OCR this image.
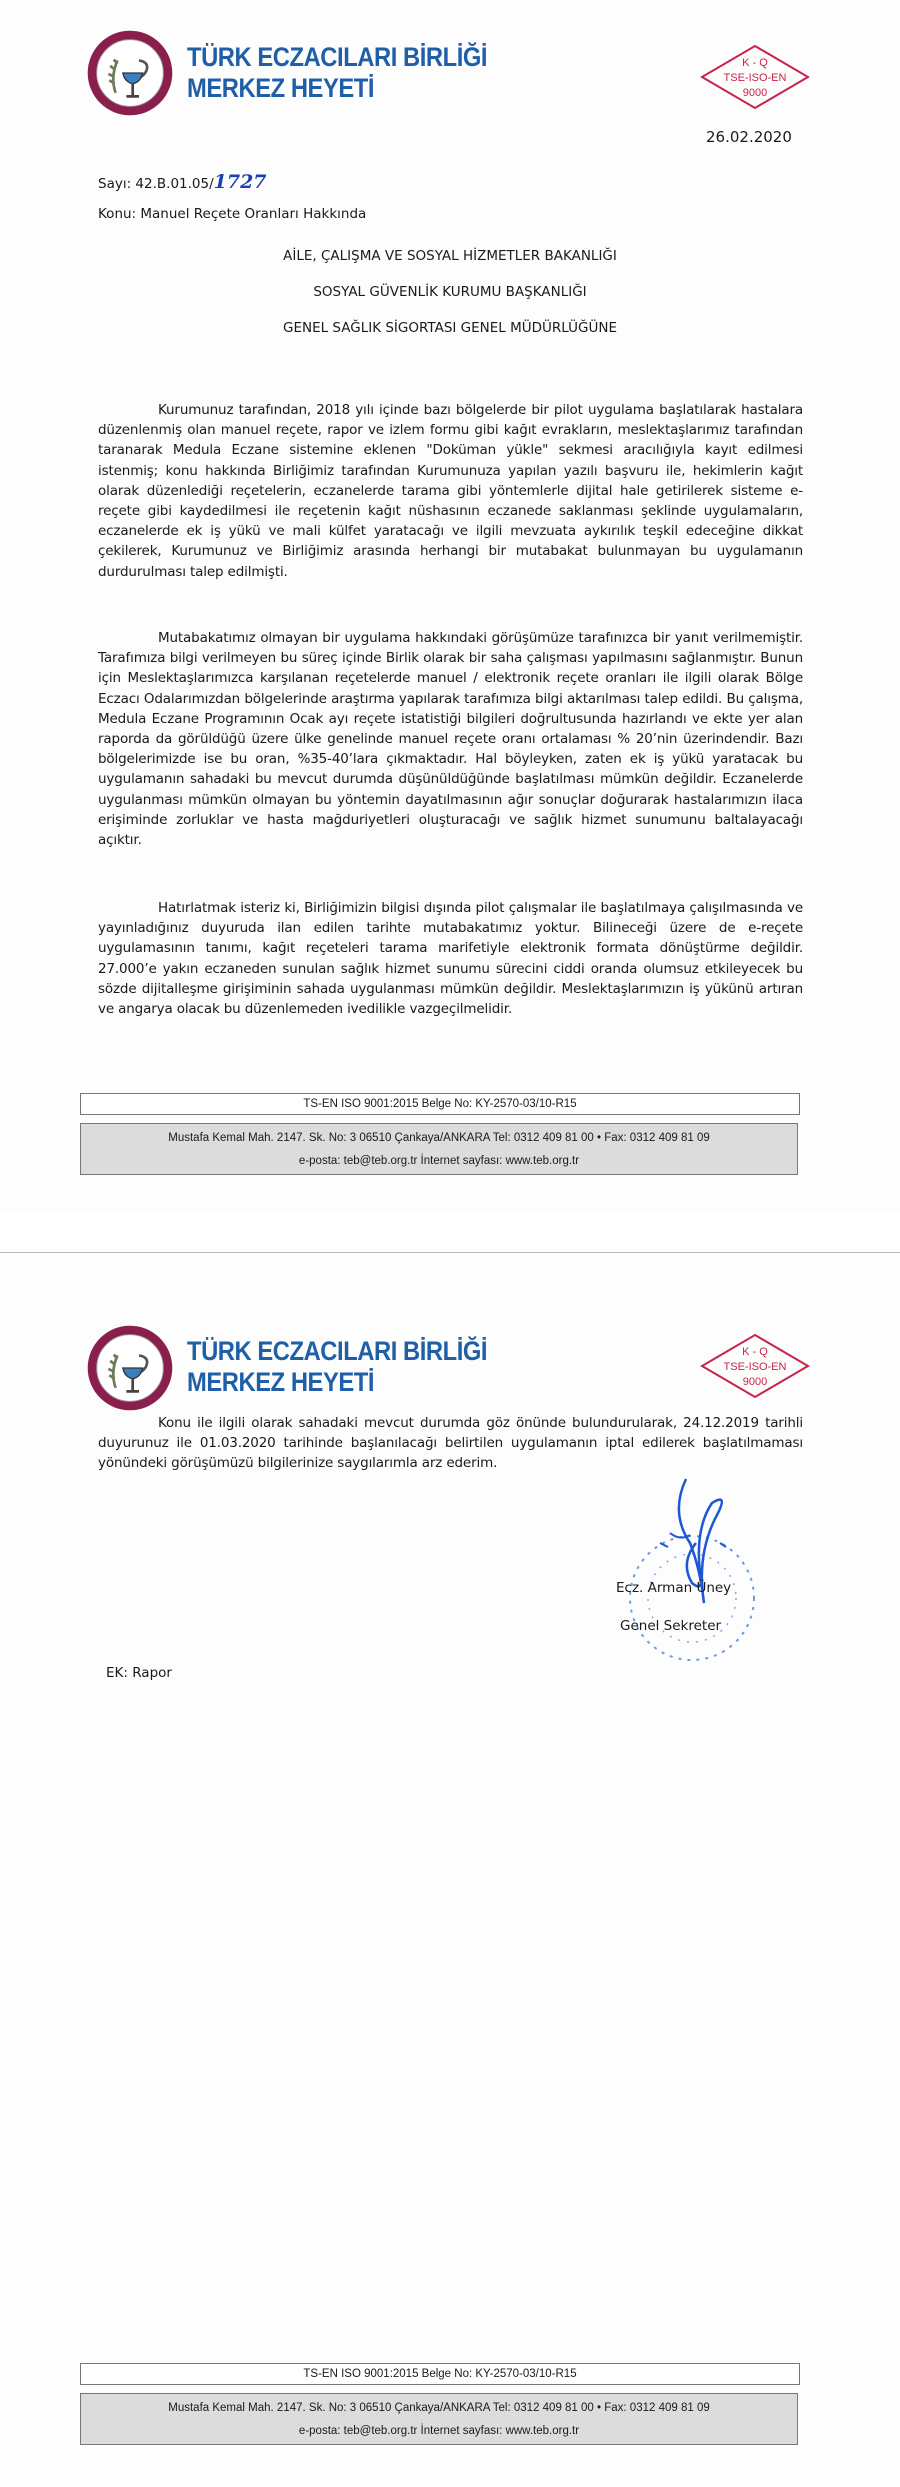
TÜRK ECZACILARI BİRLİĞİ
MERKEZ HEYETİ
K - Q
TSE-ISO-EN
9000
26.02.2020
Sayı: 42.B.01.05/1727
Konu: Manuel Reçete Oranları Hakkında
AİLE, ÇALIŞMA VE SOSYAL HİZMETLER BAKANLIĞI
SOSYAL GÜVENLİK KURUMU BAŞKANLIĞI
GENEL SAĞLIK SİGORTASI GENEL MÜDÜRLÜĞÜNE

Kurumunuz tarafından, 2018 yılı içinde bazı bölgelerde bir pilot uygulama başlatılarak hastalara düzenlenmiş olan manuel reçete, rapor ve izlem formu gibi kağıt evrakların, meslektaşlarımız tarafından taranarak Medula Eczane sistemine eklenen "Doküman yükle" sekmesi aracılığıyla kayıt edilmesi istenmiş; konu hakkında Birliğimiz tarafından Kurumunuza yapılan yazılı başvuru ile, hekimlerin kağıt olarak düzenlediği reçetelerin, eczanelerde tarama gibi yöntemlerle dijital hale getirilerek sisteme e-reçete gibi kaydedilmesi ile reçetenin kağıt nüshasının eczanede saklanması şeklinde uygulamaların, eczanelerde ek iş yükü ve mali külfet yaratacağı ve ilgili mevzuata aykırılık teşkil edeceğine dikkat çekilerek, Kurumunuz ve Birliğimiz arasında herhangi bir mutabakat bulunmayan bu uygulamanın durdurulması talep edilmişti.

Mutabakatımız olmayan bir uygulama hakkındaki görüşümüze tarafınızca bir yanıt verilmemiştir. Tarafımıza bilgi verilmeyen bu süreç içinde Birlik olarak bir saha çalışması yapılmasını sağlanmıştır. Bunun için Meslektaşlarımızca karşılanan reçetelerde manuel / elektronik reçete oranları ile ilgili olarak Bölge Eczacı Odalarımızdan bölgelerinde araştırma yapılarak tarafımıza bilgi aktarılması talep edildi. Bu çalışma, Medula Eczane Programının Ocak ayı reçete istatistiği bilgileri doğrultusunda hazırlandı ve ekte yer alan raporda da görüldüğü üzere ülke genelinde manuel reçete oranı ortalaması % 20’nin üzerindendir. Bazı bölgelerimizde ise bu oran, %35-40’lara çıkmaktadır. Hal böyleyken, zaten ek iş yükü yaratacak bu uygulamanın sahadaki bu mevcut durumda düşünüldüğünde başlatılması mümkün değildir. Eczanelerde uygulanması mümkün olmayan bu yöntemin dayatılmasının ağır sonuçlar doğurarak hastalarımızın ilaca erişiminde zorluklar ve hasta mağduriyetleri oluşturacağı ve sağlık hizmet sunumunu baltalayacağı açıktır.

Hatırlatmak isteriz ki, Birliğimizin bilgisi dışında pilot çalışmalar ile başlatılmaya çalışılmasında ve yayınladığınız duyuruda ilan edilen tarihte mutabakatımız yoktur. Bilineceği üzere de e-reçete uygulamasının tanımı, kağıt reçeteleri tarama marifetiyle elektronik formata dönüştürme değildir. 27.000’e yakın eczaneden sunulan sağlık hizmet sunumu sürecini ciddi oranda olumsuz etkileyecek bu sözde dijitalleşme girişiminin sahada uygulanması mümkün değildir. Meslektaşlarımızın iş yükünü artıran ve angarya olacak bu düzenlemeden ivedilikle vazgeçilmelidir.

TS-EN ISO 9001:2015 Belge No: KY-2570-03/10-R15
Mustafa Kemal Mah. 2147. Sk. No: 3 06510 Çankaya/ANKARA Tel: 0312 409 81 00 • Fax: 0312 409 81 09
e-posta: teb@teb.org.tr İnternet sayfası: www.teb.org.tr
TÜRK ECZACILARI BİRLİĞİ
MERKEZ HEYETİ
K - Q
TSE-ISO-EN
9000

Konu ile ilgili olarak sahadaki mevcut durumda göz önünde bulundurularak, 24.12.2019 tarihli duyurunuz ile 01.03.2020 tarihinde başlanılacağı belirtilen uygulamanın iptal edilerek başlatılmaması yönündeki görüşümüzü bilgilerinize saygılarımla arz ederim.

Ecz. Arman Üney
Genel Sekreter
EK: Rapor
TS-EN ISO 9001:2015 Belge No: KY-2570-03/10-R15
Mustafa Kemal Mah. 2147. Sk. No: 3 06510 Çankaya/ANKARA Tel: 0312 409 81 00 • Fax: 0312 409 81 09
e-posta: teb@teb.org.tr İnternet sayfası: www.teb.org.tr
